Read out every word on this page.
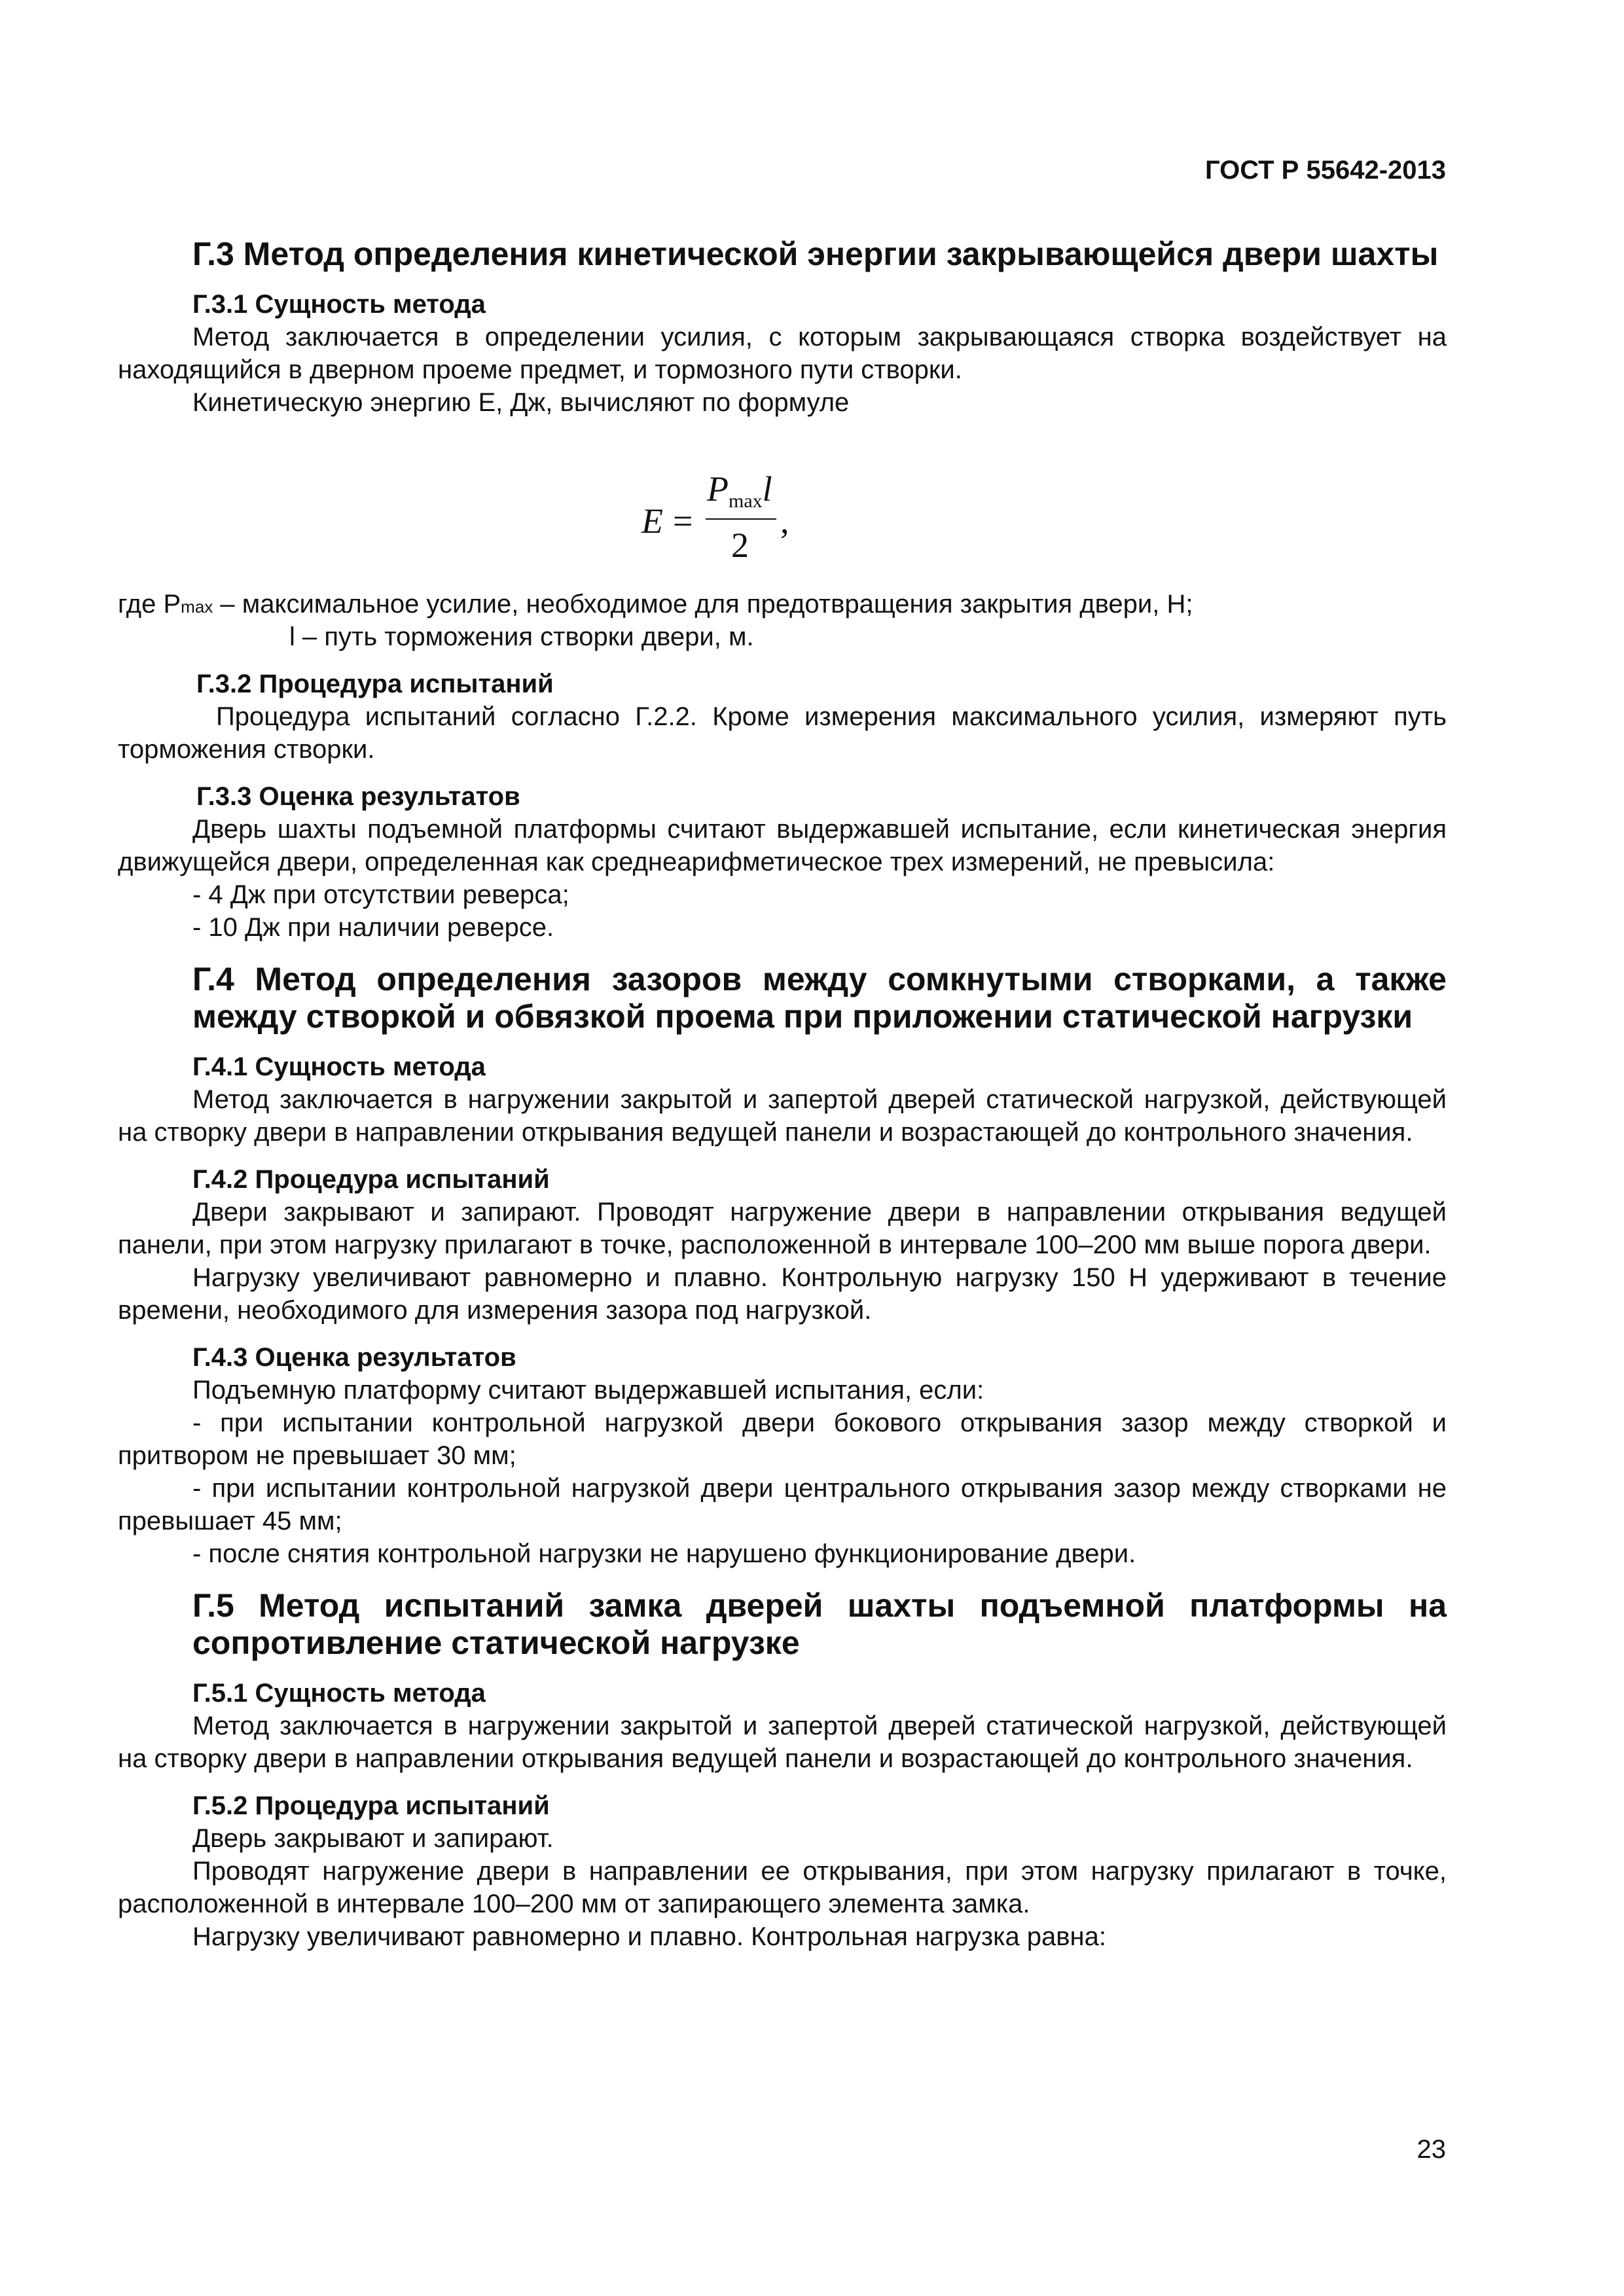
ГОСТ Р 55642-2013

Г.3 Метод определения кинетической энергии закрывающейся двери шахты

Г.3.1 Сущность метода

Метод заключается в определении усилия, с которым закрывающаяся створка воздействует на находящийся в дверном проеме предмет, и тормозного пути створки.

Кинетическую энергию E, Дж, вычисляют по формуле

E =
Pmaxl
2
,

где Pmax – максимальное усилие, необходимое для предотвращения закрытия двери, Н;

l – путь торможения створки двери, м.

Г.3.2 Процедура испытаний

Процедура испытаний согласно Г.2.2. Кроме измерения максимального усилия, измеряют путь торможения створки.

Г.3.3 Оценка результатов

Дверь шахты подъемной платформы считают выдержавшей испытание, если кинетическая энергия движущейся двери, определенная как среднеарифметическое трех измерений, не превысила:

- 4 Дж при отсутствии реверса;

- 10 Дж при наличии реверсе.

Г.4 Метод определения зазоров между сомкнутыми створками, а также между створкой и обвязкой проема при приложении статической нагрузки

Г.4.1 Сущность метода

Метод заключается в нагружении закрытой и запертой дверей статической нагрузкой, действующей на створку двери в направлении открывания ведущей панели и возрастающей до контрольного значения.

Г.4.2 Процедура испытаний

Двери закрывают и запирают. Проводят нагружение двери в направлении открывания ведущей панели, при этом нагрузку прилагают в точке, расположенной в интервале 100–200 мм выше порога двери.

Нагрузку увеличивают равномерно и плавно. Контрольную нагрузку 150 Н удерживают в течение времени, необходимого для измерения зазора под нагрузкой.

Г.4.3 Оценка результатов

Подъемную платформу считают выдержавшей испытания, если:

- при испытании контрольной нагрузкой двери бокового открывания зазор между створкой и притвором не превышает 30 мм;

- при испытании контрольной нагрузкой двери центрального открывания зазор между створками не превышает 45 мм;

- после снятия контрольной нагрузки не нарушено функционирование двери.

Г.5 Метод испытаний замка дверей шахты подъемной платформы на сопротивление статической нагрузке

Г.5.1 Сущность метода

Метод заключается в нагружении закрытой и запертой дверей статической нагрузкой, действующей на створку двери в направлении открывания ведущей панели и возрастающей до контрольного значения.

Г.5.2 Процедура испытаний

Дверь закрывают и запирают.

Проводят нагружение двери в направлении ее открывания, при этом нагрузку прилагают в точке, расположенной в интервале 100–200 мм от запирающего элемента замка.

Нагрузку увеличивают равномерно и плавно. Контрольная нагрузка равна:

23
